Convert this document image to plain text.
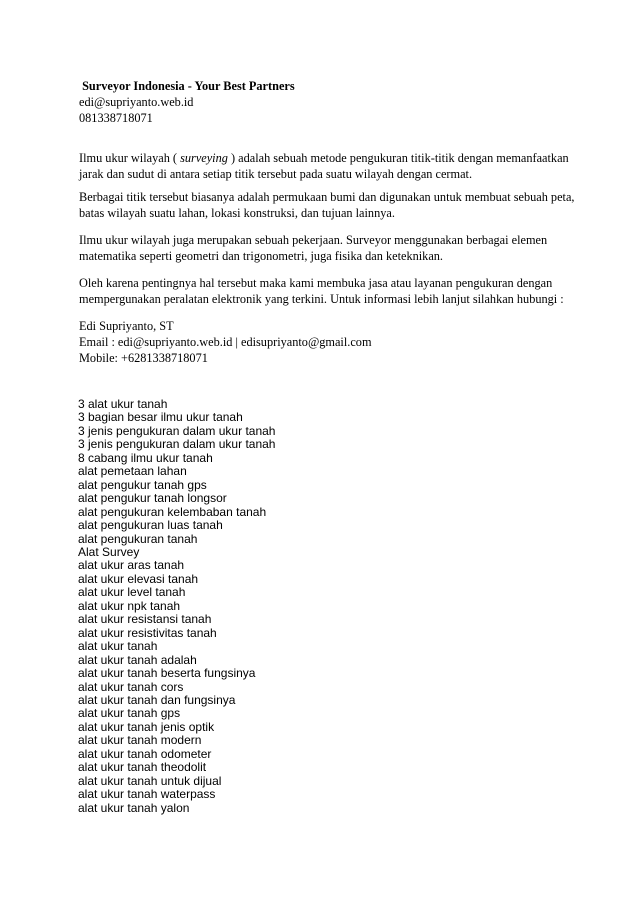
Surveyor Indonesia - Your Best Partners
edi@supriyanto.web.id
081338718071

Ilmu ukur wilayah ( surveying ) adalah sebuah metode pengukuran titik-titik dengan memanfaatkan
jarak dan sudut di antara setiap titik tersebut pada suatu wilayah dengan cermat.

Berbagai titik tersebut biasanya adalah permukaan bumi dan digunakan untuk membuat sebuah peta,
batas wilayah suatu lahan, lokasi konstruksi, dan tujuan lainnya.

Ilmu ukur wilayah juga merupakan sebuah pekerjaan. Surveyor menggunakan berbagai elemen
matematika seperti geometri dan trigonometri, juga fisika dan keteknikan.

Oleh karena pentingnya hal tersebut maka kami membuka jasa atau layanan pengukuran dengan
mempergunakan peralatan elektronik yang terkini. Untuk informasi lebih lanjut silahkan hubungi :

Edi Supriyanto, ST
Email : edi@supriyanto.web.id | edisupriyanto@gmail.com
Mobile: +6281338718071
3 alat ukur tanah
3 bagian besar ilmu ukur tanah
3 jenis pengukuran dalam ukur tanah
3 jenis pengukuran dalam ukur tanah
8 cabang ilmu ukur tanah
alat pemetaan lahan
alat pengukur tanah gps
alat pengukur tanah longsor
alat pengukuran kelembaban tanah
alat pengukuran luas tanah
alat pengukuran tanah
Alat Survey
alat ukur aras tanah
alat ukur elevasi tanah
alat ukur level tanah
alat ukur npk tanah
alat ukur resistansi tanah
alat ukur resistivitas tanah
alat ukur tanah
alat ukur tanah adalah
alat ukur tanah beserta fungsinya
alat ukur tanah cors
alat ukur tanah dan fungsinya
alat ukur tanah gps
alat ukur tanah jenis optik
alat ukur tanah modern
alat ukur tanah odometer
alat ukur tanah theodolit
alat ukur tanah untuk dijual
alat ukur tanah waterpass
alat ukur tanah yalon
